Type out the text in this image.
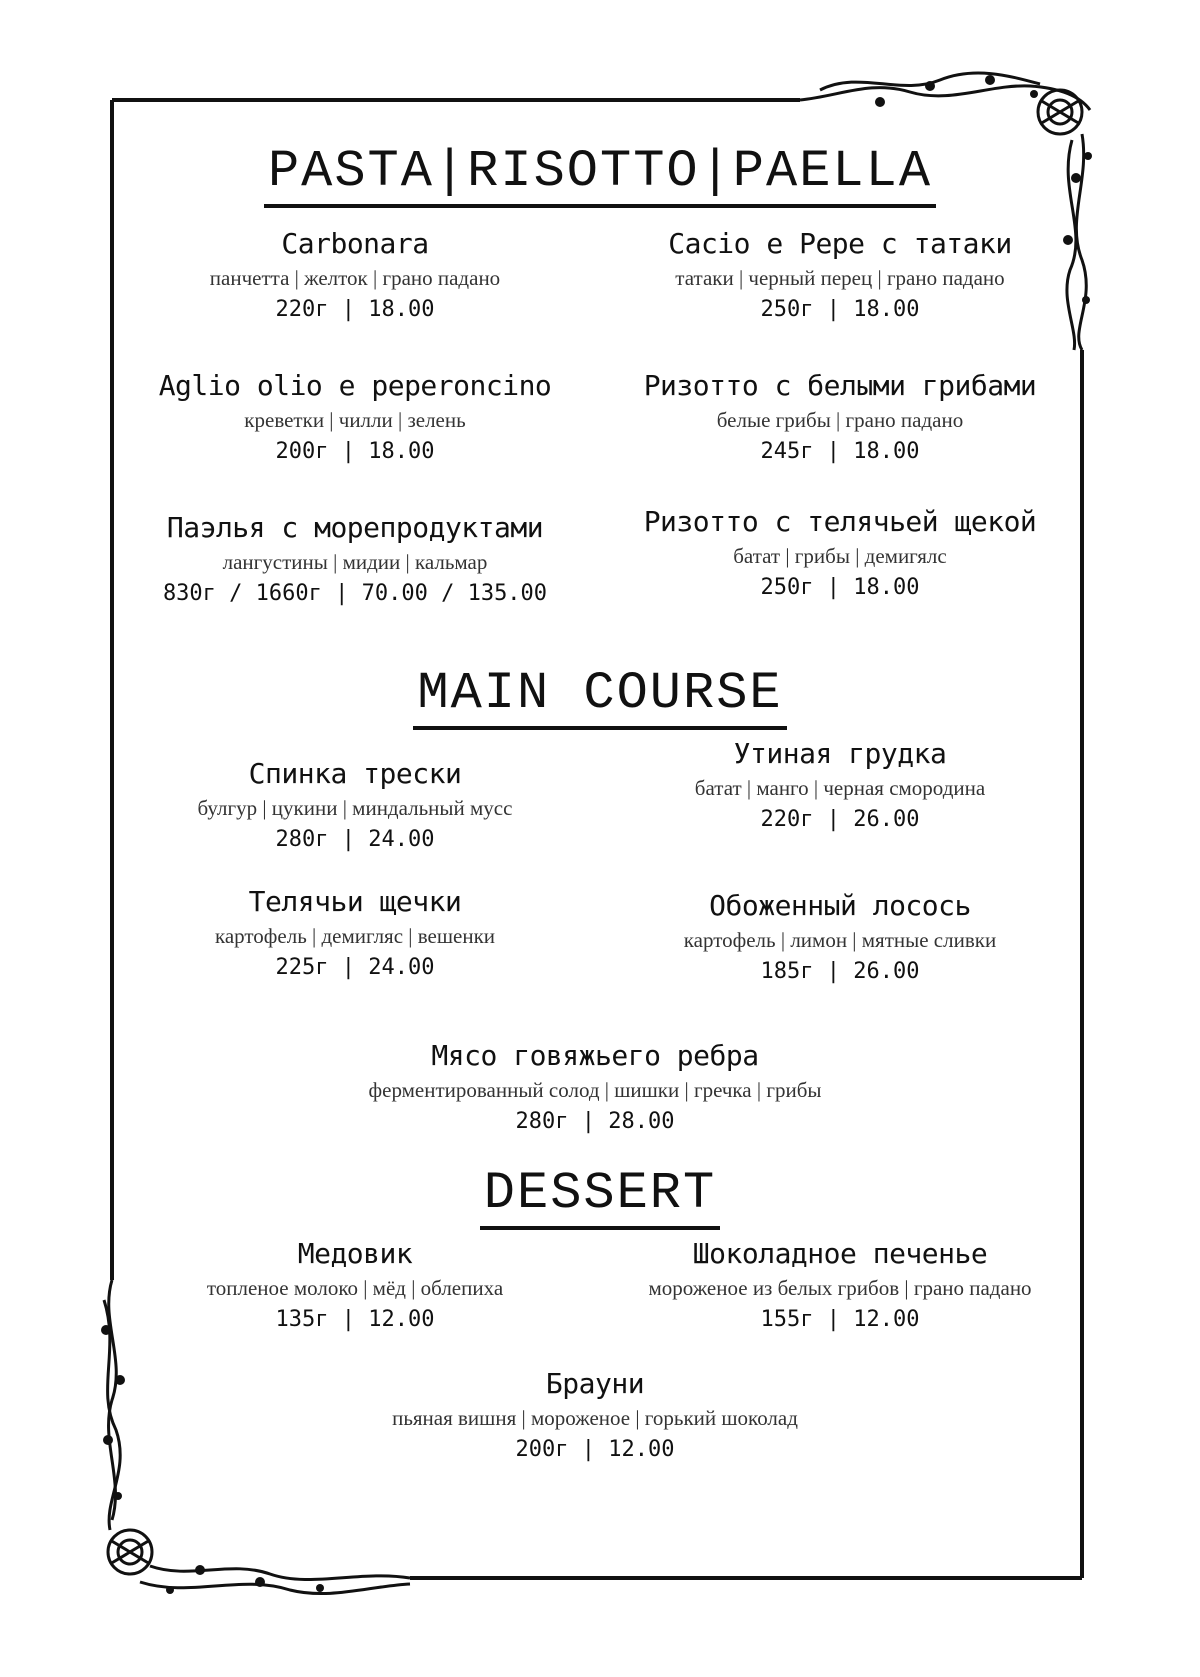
PASTA|RISOTTO|PAELLA
Carbonara
панчетта | желток | грано падано
220г | 18.00
Cacio e Pepe с татаки
татаки | черный перец | грано падано
250г | 18.00
Aglio olio e peperoncino
креветки | чилли | зелень
200г | 18.00
Ризотто с белыми грибами
белые грибы | грано падано
245г | 18.00
Паэлья с морепродуктами
лангустины | мидии | кальмар
830г / 1660г | 70.00 / 135.00
Ризотто с телячьей щекой
батат | грибы | демигялс
250г | 18.00
MAIN COURSE
Спинка трески
булгур | цукини | миндальный мусс
280г | 24.00
Утиная грудка
батат | манго | черная смородина
220г | 26.00
Телячьи щечки
картофель | демигляс | вешенки
225г | 24.00
Обоженный лосось
картофель | лимон | мятные сливки
185г | 26.00
Мясо говяжьего ребра
ферментированный солод | шишки | гречка | грибы
280г | 28.00
DESSERT
Медовик
топленое молоко | мёд | облепиха
135г | 12.00
Шоколадное печенье
мороженое из белых грибов | грано падано
155г | 12.00
Брауни
пьяная вишня | мороженое | горький шоколад
200г | 12.00
